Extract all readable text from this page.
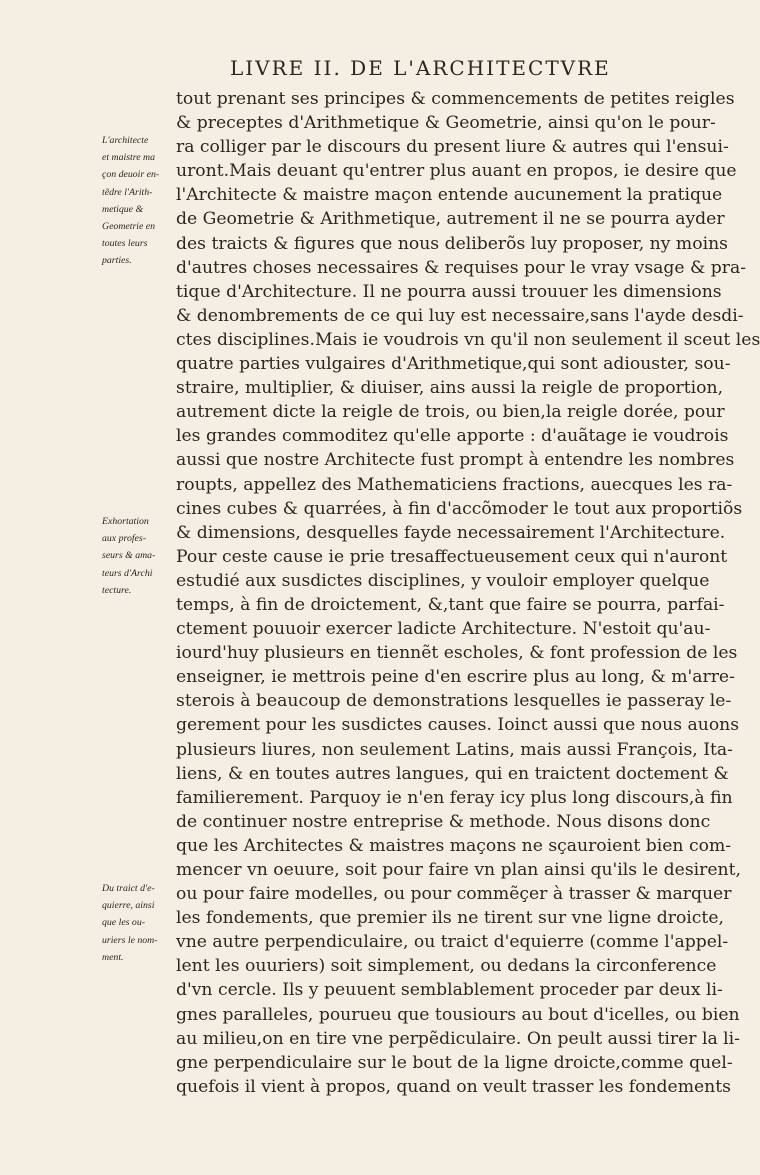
LIVRE II. DE L'ARCHITECTVRE
tout prenant ses principes & commencements de petites reigles
& preceptes d'Arithmetique & Geometrie, ainsi qu'on le pour-
ra colliger par le discours du present liure & autres qui l'ensui-
uront.Mais deuant qu'entrer plus auant en propos, ie desire que
l'Architecte & maistre maçon entende aucunement la pratique
de Geometrie & Arithmetique, autrement il ne se pourra ayder
des traicts & figures que nous deliberõs luy proposer, ny moins
d'autres choses necessaires & requises pour le vray vsage & pra-
tique d'Architecture. Il ne pourra aussi trouuer les dimensions
& denombrements de ce qui luy est necessaire,sans l'ayde desdi-
ctes disciplines.Mais ie voudrois vn qu'il non seulement il sceut les
quatre parties vulgaires d'Arithmetique,qui sont adiouster, sou-
straire, multiplier, & diuiser, ains aussi la reigle de proportion,
autrement dicte la reigle de trois, ou bien,la reigle dorée, pour
les grandes commoditez qu'elle apporte : d'auãtage ie voudrois
aussi que nostre Architecte fust prompt à entendre les nombres
roupts, appellez des Mathematiciens fractions, auecques les ra-
cines cubes & quarrées, à fin d'accõmoder le tout aux proportiõs
& dimensions, desquelles fayde necessairement l'Architecture.
Pour ceste cause ie prie tresaffectueusement ceux qui n'auront
estudié aux susdictes disciplines, y vouloir employer quelque
temps, à fin de droictement, &,tant que faire se pourra, parfai-
ctement pouuoir exercer ladicte Architecture. N'estoit qu'au-
iourd'huy plusieurs en tiennẽt escholes, & font profession de les
enseigner, ie mettrois peine d'en escrire plus au long, & m'arre-
sterois à beaucoup de demonstrations lesquelles ie passeray le-
gerement pour les susdictes causes. Ioinct aussi que nous auons
plusieurs liures, non seulement Latins, mais aussi François, Ita-
liens, & en toutes autres langues, qui en traictent doctement &
familierement. Parquoy ie n'en feray icy plus long discours,à fin
de continuer nostre entreprise & methode. Nous disons donc
que les Architectes & maistres maçons ne sçauroient bien com-
mencer vn oeuure, soit pour faire vn plan ainsi qu'ils le desirent,
ou pour faire modelles, ou pour commẽçer à trasser & marquer
les fondements, que premier ils ne tirent sur vne ligne droicte,
vne autre perpendiculaire, ou traict d'equierre (comme l'appel-
lent les ouuriers) soit simplement, ou dedans la circonference
d'vn cercle. Ils y peuuent semblablement proceder par deux li-
gnes paralleles, pourueu que tousiours au bout d'icelles, ou bien
au milieu,on en tire vne perpẽdiculaire. On peult aussi tirer la li-
gne perpendiculaire sur le bout de la ligne droicte,comme quel-
quefois il vient à propos, quand on veult trasser les fondements
L'architecte
et maistre ma
çon deuoir en-
tẽdre l'Arith-
metique &
Geometrie en
toutes leurs
parties.
Exhortation
aux profes-
seurs & ama-
teurs d'Archi
tecture.
Du traict d'e-
quierre, ainsi
que les ou-
uriers le nom-
ment.
